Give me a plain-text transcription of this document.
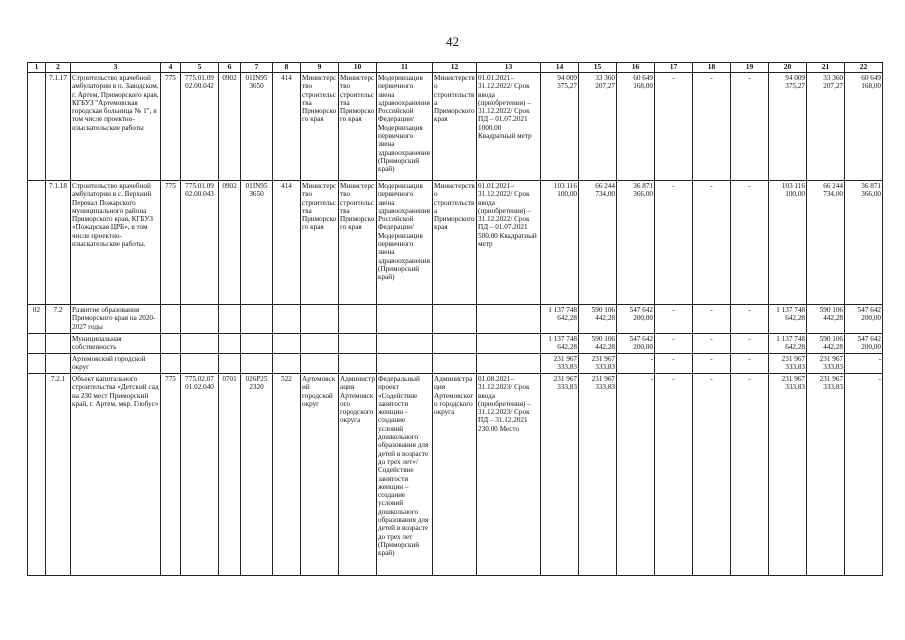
42
1	2	3	4	5	6	7	8	9	10	11	12	13	14	15	16	17	18	19	20	21	22
	7.1.17	Строительство врачебной амбулатории в п. Заводском, г. Артем, Приморского края, КГБУЗ "Артемовская городская больница № 1", в том числе проектно-изыскательские работы	775	775.01.09 02.00.042	0902	01IN95 3650	414	Министерство строительства Приморского края	Министерство строительства Приморского края	Модернизация первичного звена здравоохранения Российской Федерации/Модернизация первичного звена здравоохранения (Приморский край)	Министерство строительства Приморского края	01.01.2021–31.12.2022/ Срок ввода (приобретения) – 31.12.2022/ Срок ПД – 01.07.2021 1000.00 Квадратный метр	94 009 375,27	33 360 207,27	60 649 168,00	-	-	-	94 009 375,27	33 360 207,27	60 649 168,00
	7.1.18	Строительство врачебной амбулатории в с. Верхний Перевал Пожарского муниципального района Приморского края, КГБУЗ «Пожарская ЦРБ», в том числе проектно-изыскательские работы.	775	775.01.09 02.00.043	0902	01IN95 3650	414	Министерство строительства Приморского края	Министерство строительства Приморского края	Модернизация первичного звена здравоохранения Российской Федерации/ Модернизация первичного звена здравоохранения (Приморский край)	Министерство строительства Приморского края	01.01.2021–31.12.2022/ Срок ввода (приобретения) – 31.12.2022/ Срок ПД – 01.07.2021 500.00 Квадратный метр	103 116 100,00	66 244 734,00	36 871 366,00	-	-	-	103 116 100,00	66 244 734,00	36 871 366,00
02	7.2	Развитие образования Приморского края на 2020-2027 годы											1 137 748 642,28	590 106 442,28	547 642 200,00	-	-	-	1 137 748 642,28	590 106 442,28	547 642 200,00
		Муниципальная собственность											1 137 748 642,28	590 106 442,28	547 642 200,00	-	-	-	1 137 748 642,28	590 106 442,28	547 642 200,00
		Артемовский городской округ											231 967 333,83	231 967 333,83	-	-	-	-	231 967 333,83	231 967 333,83	-
	7.2.1	Объект капитального строительства «Детский сад на 230 мест Приморский край, г. Артем, мкр. Глобус»	775	775.02.07 01.02.040	0701	026P25 2320	522	Артемовский городской округ	Администрация Артемовского городского округа	Федеральный проект «Содействие занятости женщин - создание условий дошкольного образования для детей в возрасте до трех лет»/Содействие занятости женщин –создание условий дошкольного образования для детей в возрасте до трех лет (Приморский край)	Администрация Артемовского городского округа	01.08.2021–31.12.2023/ Срок ввода (приобретения) – 31.12.2023/ Срок ПД – 31.12.2021 230.00 Место	231 967 333,83	231 967 333,83	-	-	-	-	231 967 333,83	231 967 333,83	-
